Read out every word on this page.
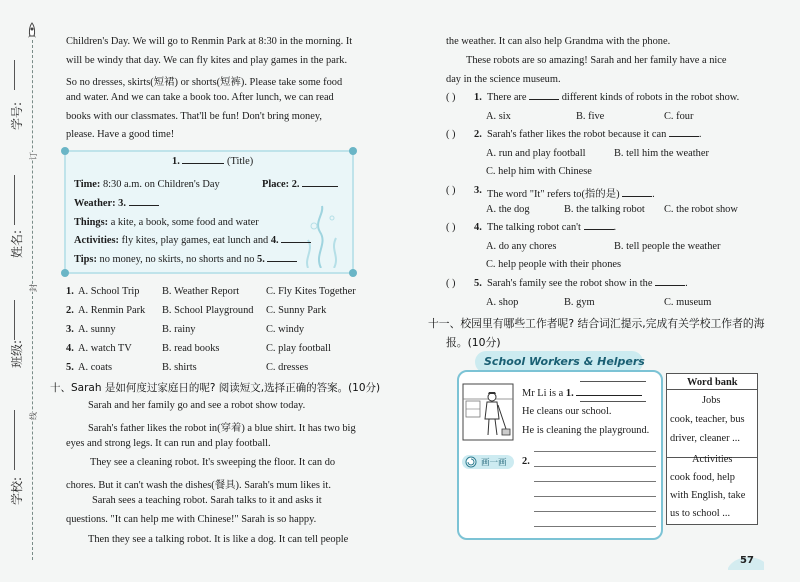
学号:
订
姓名:
封
班级:
线
学校:
Children's Day. We will go to Renmin Park at 8:30 in the morning. It
will be windy that day. We can fly kites and play games in the park.
So no dresses, skirts(短裙) or shorts(短裤). Please take some food
and water. And we can take a book too. After lunch, we can read
books with our classmates. That'll be fun! Don't bring money,
please. Have a good time!
1.	(Title)
Time: 8:30 a.m. on Children's Day	Place: 2.
Weather: 3.
Things: a kite, a book, some food and water
Activities: fly kites, play games, eat lunch and 4.
Tips: no money, no skirts, no shorts and no 5.
1. A. School Trip B. Weather Report	C. Fly Kites Together
2. A. Renmin Park B. School Playground C. Sunny Park
3. A. sunny	B. rainy	C. windy
4. A. watch TV	B. read books	C. play football
5. A. coats	B. shirts	C. dresses
十、Sarah 是如何度过家庭日的呢? 阅读短文,选择正确的答案。(10分)
Sarah and her family go and see a robot show today.
Sarah's father likes the robot in(穿着) a blue shirt. It has two big
eyes and strong legs. It can run and play football.
They see a cleaning robot. It's sweeping the floor. It can do
chores. But it can't wash the dishes(餐具). Sarah's mum likes it.
Sarah sees a teaching robot. Sarah talks to it and asks it
questions. "It can help me with Chinese!" Sarah is so happy.
Then they see a talking robot. It is like a dog. It can tell people
the weather. It can also help Grandma with the phone.
These robots are so amazing! Sarah and her family have a nice
day in the science museum.
( ) 1. There are	different kinds of robots in the robot show.
A. six	B. five	C. four
( ) 2. Sarah's father likes the robot because it can	.
A. run and play football	B. tell him the weather
C. help him with Chinese
( ) 3. The word "It" refers to(指的是)	.
A. the dog	B. the talking robot C. the robot show
( ) 4. The talking robot can't	.
A. do any chores	B. tell people the weather
C. help people with their phones
( ) 5. Sarah's family see the robot show in the	.
A. shop	B. gym	C. museum
十一、校园里有哪些工作者呢? 结合词汇提示,完成有关学校工作者的海
报。(10分)
School Workers & Helpers
Mr Li is a 1.
He cleans our school.
He is cleaning the playground.
画一画 2.
Word bank
Jobs
cook, teacher, bus
driver, cleaner ...
Activities
cook food, help
with English, take
us to school ...
57
